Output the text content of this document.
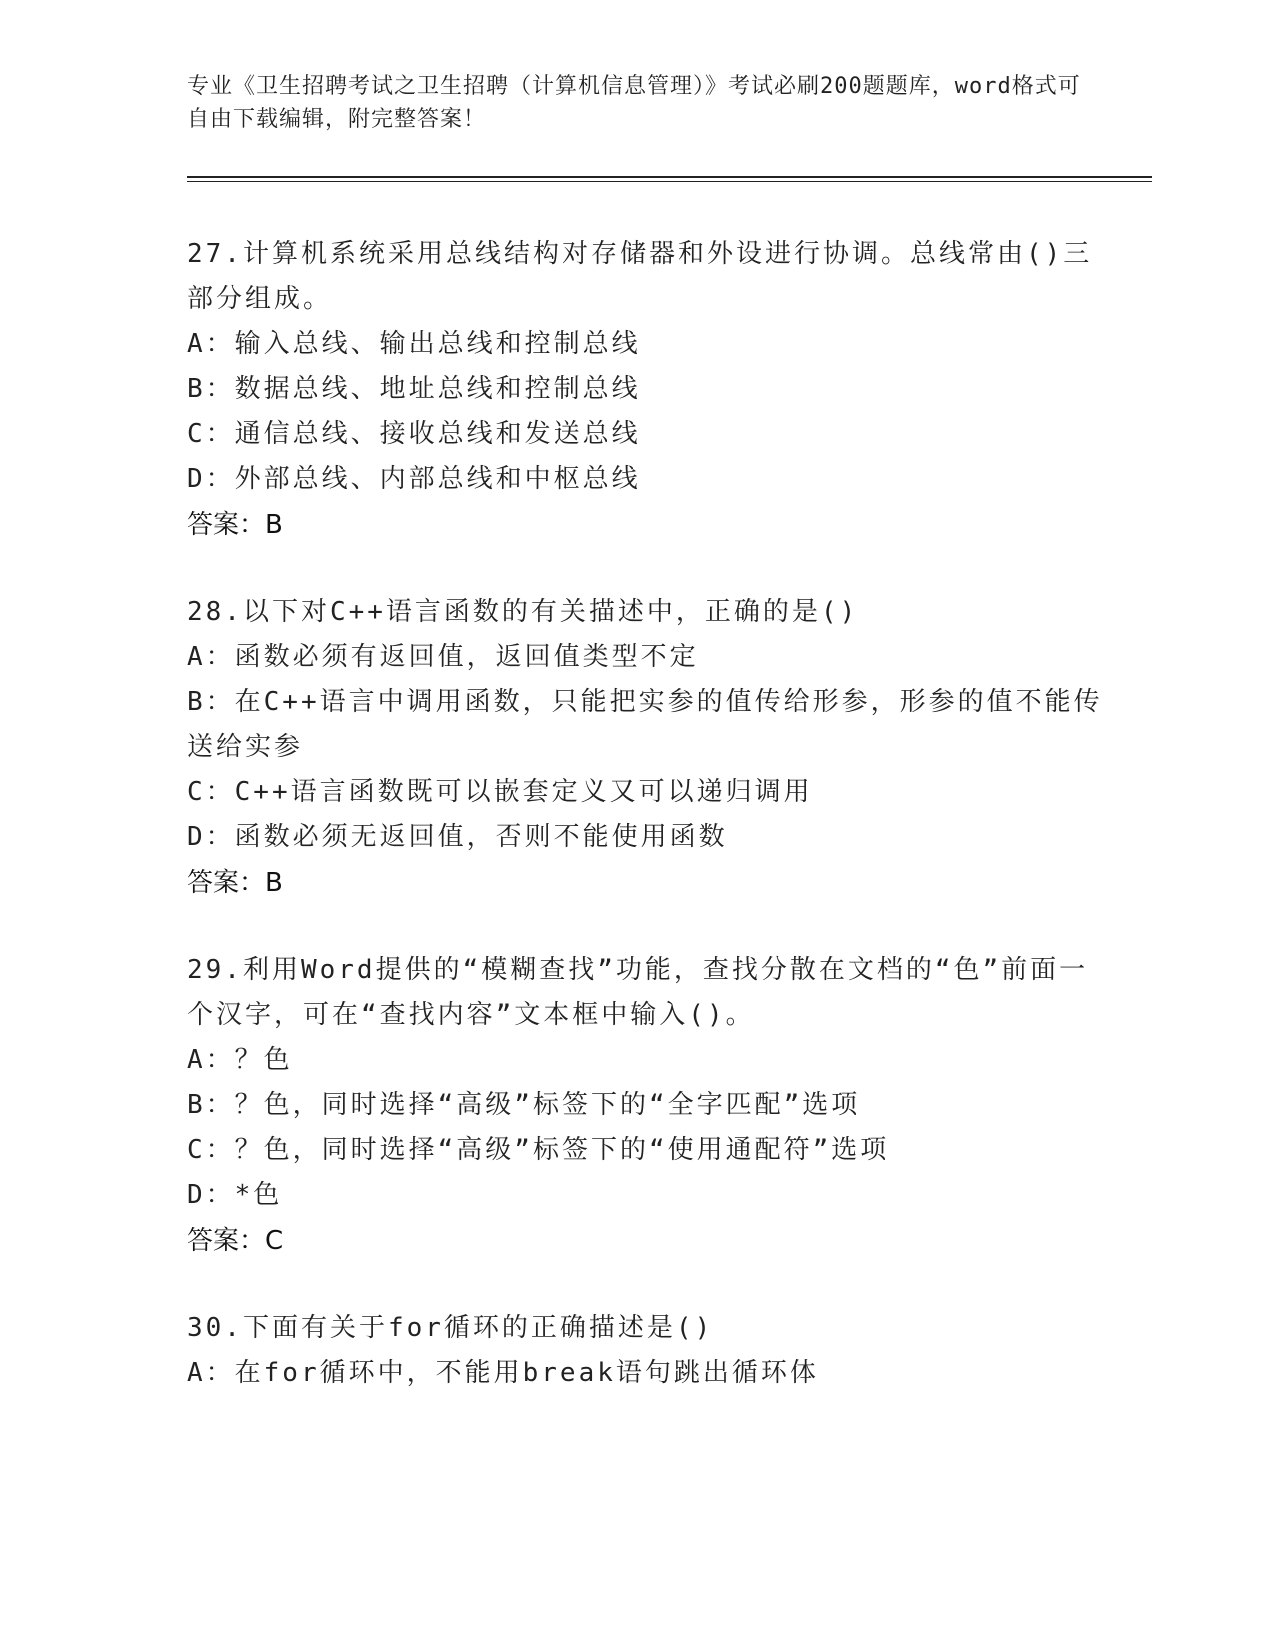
专业《卫生招聘考试之卫生招聘（计算机信息管理）》考试必刷200题题库，word格式可自由下载编辑，附完整答案！
27.计算机系统采用总线结构对存储器和外设进行协调。总线常由()三部分组成。
A：输入总线、输出总线和控制总线
B：数据总线、地址总线和控制总线
C：通信总线、接收总线和发送总线
D：外部总线、内部总线和中枢总线
答案：B
28.以下对C++语言函数的有关描述中，正确的是()
A：函数必须有返回值，返回值类型不定
B：在C++语言中调用函数，只能把实参的值传给形参，形参的值不能传送给实参
C：C++语言函数既可以嵌套定义又可以递归调用
D：函数必须无返回值，否则不能使用函数
答案：B
29.利用Word提供的“模糊查找”功能，查找分散在文档的“色”前面一个汉字，可在“查找内容”文本框中输入()。
A：？色
B：？色，同时选择“高级”标签下的“全字匹配”选项
C：？色，同时选择“高级”标签下的“使用通配符”选项
D：*色
答案：C
30.下面有关于for循环的正确描述是()
A：在for循环中，不能用break语句跳出循环体
